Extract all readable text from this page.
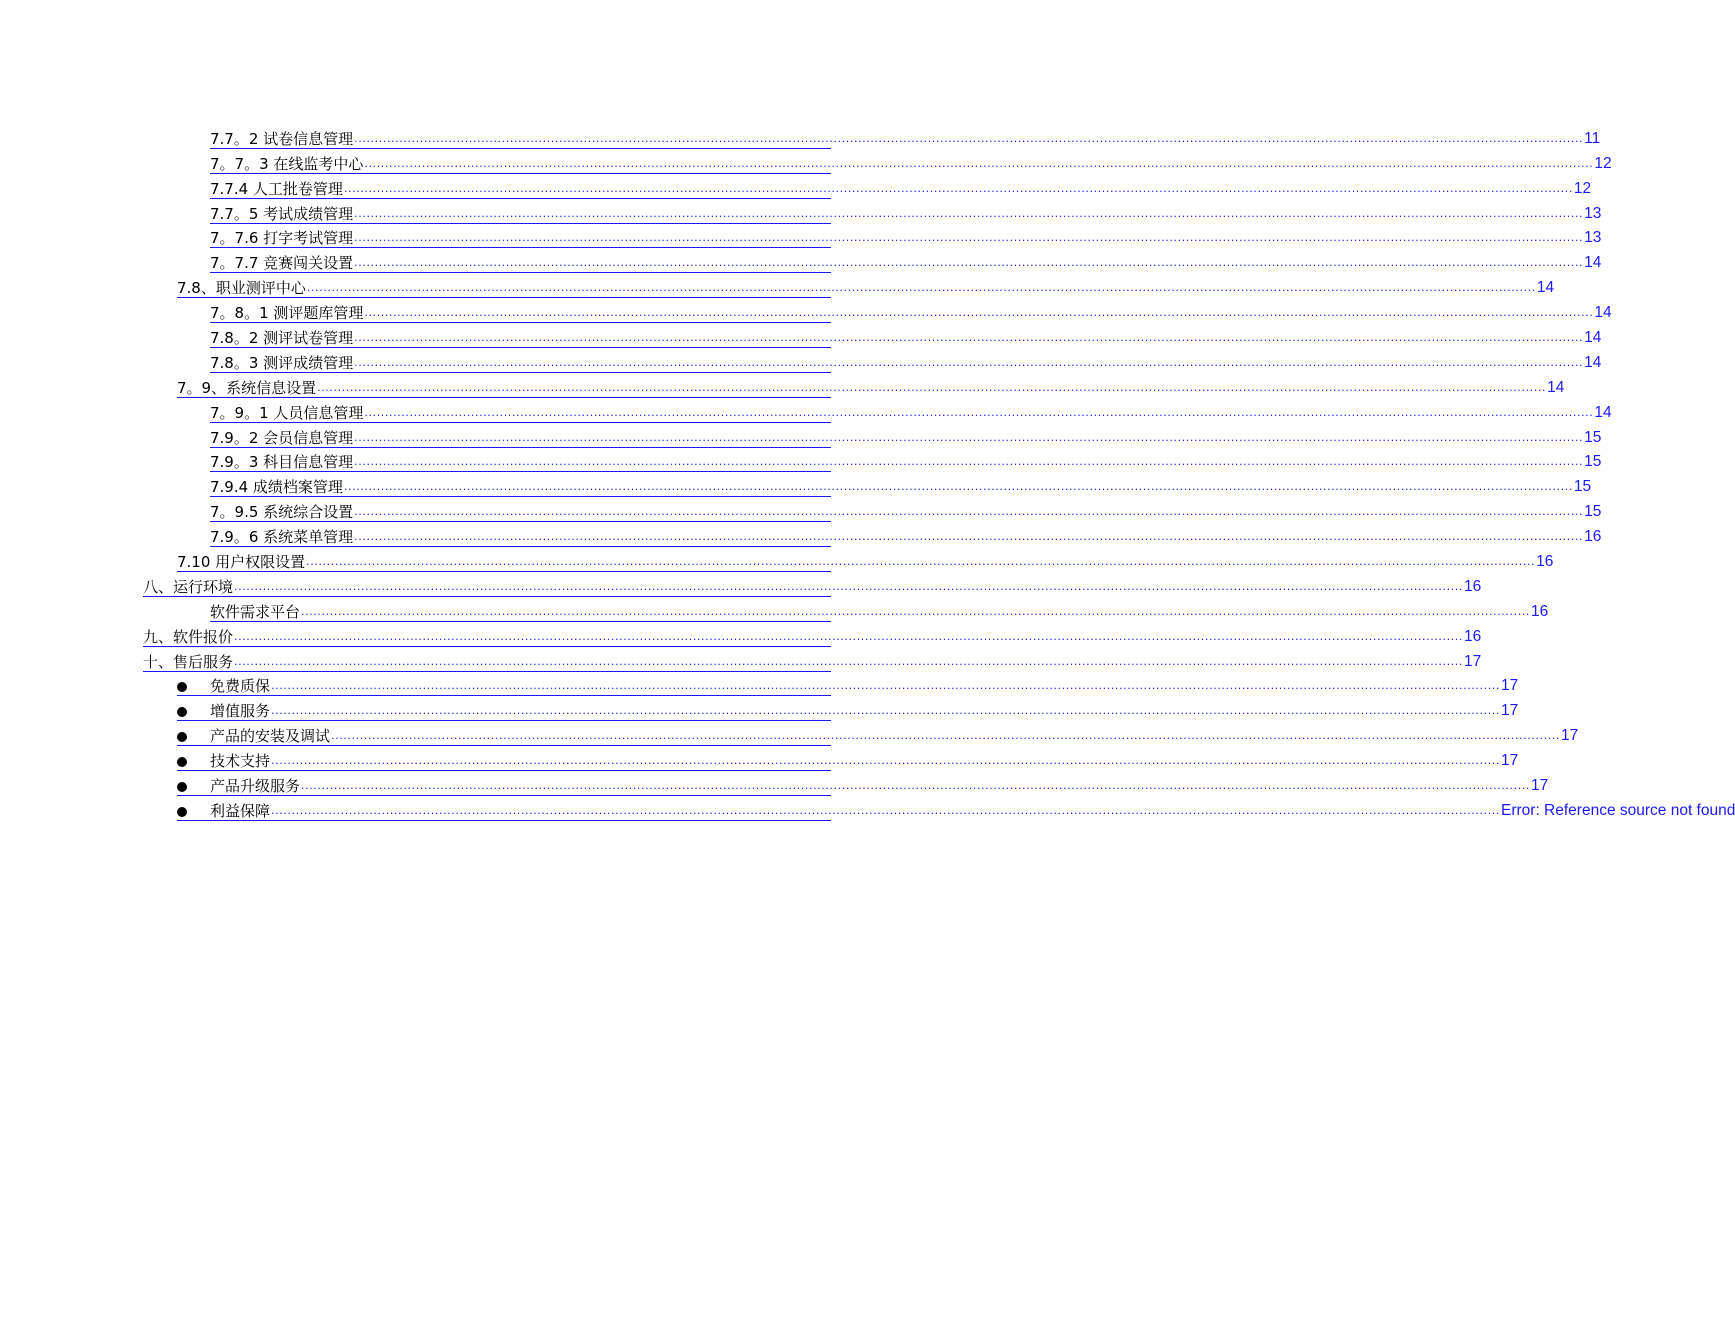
7.7。2 试卷信息管理 ............................................................................................................................................................................................................................................................................................................ 11
7。7。3 在线监考中心 ............................................................................................................................................................................................................................................................................................................ 12
7.7.4 人工批卷管理 ............................................................................................................................................................................................................................................................................................................ 12
7.7。5 考试成绩管理 ............................................................................................................................................................................................................................................................................................................ 13
7。7.6 打字考试管理 ............................................................................................................................................................................................................................................................................................................ 13
7。7.7 竞赛闯关设置 ............................................................................................................................................................................................................................................................................................................ 14
7.8、职业测评中心 ............................................................................................................................................................................................................................................................................................................ 14
7。8。1 测评题库管理 ............................................................................................................................................................................................................................................................................................................ 14
7.8。2 测评试卷管理 ............................................................................................................................................................................................................................................................................................................ 14
7.8。3 测评成绩管理 ............................................................................................................................................................................................................................................................................................................ 14
7。9、系统信息设置 ............................................................................................................................................................................................................................................................................................................ 14
7。9。1 人员信息管理 ............................................................................................................................................................................................................................................................................................................ 14
7.9。2 会员信息管理 ............................................................................................................................................................................................................................................................................................................ 15
7.9。3 科目信息管理 ............................................................................................................................................................................................................................................................................................................ 15
7.9.4 成绩档案管理 ............................................................................................................................................................................................................................................................................................................ 15
7。9.5 系统综合设置 ............................................................................................................................................................................................................................................................................................................ 15
7.9。6 系统菜单管理 ............................................................................................................................................................................................................................................................................................................ 16
7.10 用户权限设置 ............................................................................................................................................................................................................................................................................................................ 16
八、运行环境 ............................................................................................................................................................................................................................................................................................................ 16
软件需求平台 ............................................................................................................................................................................................................................................................................................................ 16
九、软件报价 ............................................................................................................................................................................................................................................................................................................ 16
十、售后服务 ............................................................................................................................................................................................................................................................................................................ 17
免费质保 ............................................................................................................................................................................................................................................................................................................ 17
增值服务 ............................................................................................................................................................................................................................................................................................................ 17
产品的安装及调试 ............................................................................................................................................................................................................................................................................................................ 17
技术支持 ............................................................................................................................................................................................................................................................................................................ 17
产品升级服务 ............................................................................................................................................................................................................................................................................................................ 17
利益保障 ............................................................................................................................................................................................................................................................................................................ Error: Reference source not found
